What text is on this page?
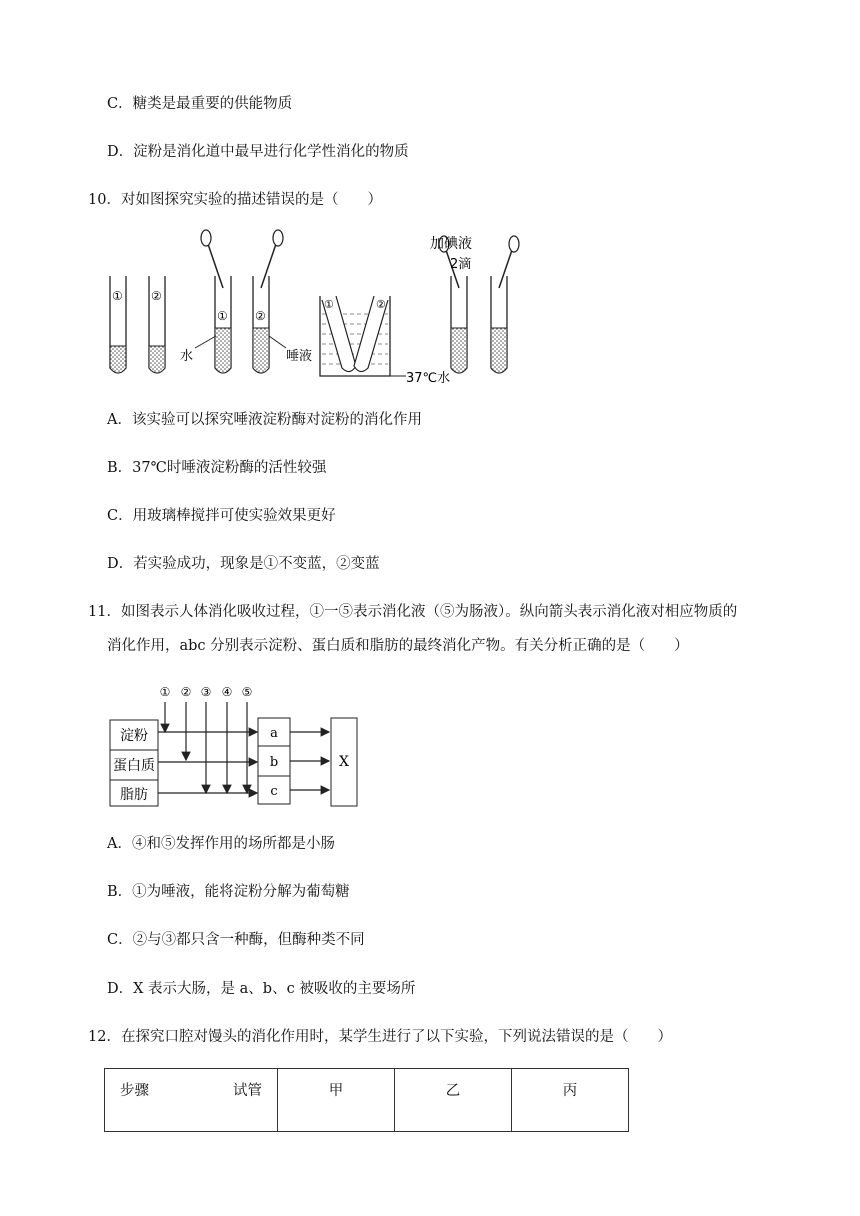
C．糖类是最重要的供能物质
D．淀粉是消化道中最早进行化学性消化的物质
10．对如图探究实验的描述错误的是（　　）
① ②
①
水
②
唾液
①	②
37℃水
加碘液
2滴
A．该实验可以探究唾液淀粉酶对淀粉的消化作用
B．37℃时唾液淀粉酶的活性较强
C．用玻璃棒搅拌可使实验效果更好
D．若实验成功，现象是①不变蓝，②变蓝
11．如图表示人体消化吸收过程，①一⑤表示消化液（⑤为肠液）。纵向箭头表示消化液对相应物质的
消化作用，abc 分别表示淀粉、蛋白质和脂肪的最终消化产物。有关分析正确的是（　　）
① ② ③ ④ ⑤
淀粉
蛋白质
脂肪
a
b
c
X
A．④和⑤发挥作用的场所都是小肠
B．①为唾液，能将淀粉分解为葡萄糖
C．②与③都只含一种酶，但酶种类不同
D．X 表示大肠，是 a、b、c 被吸收的主要场所
12．在探究口腔对馒头的消化作用时，某学生进行了以下实验，下列说法错误的是（　　）
步骤	试管	甲	乙	丙
